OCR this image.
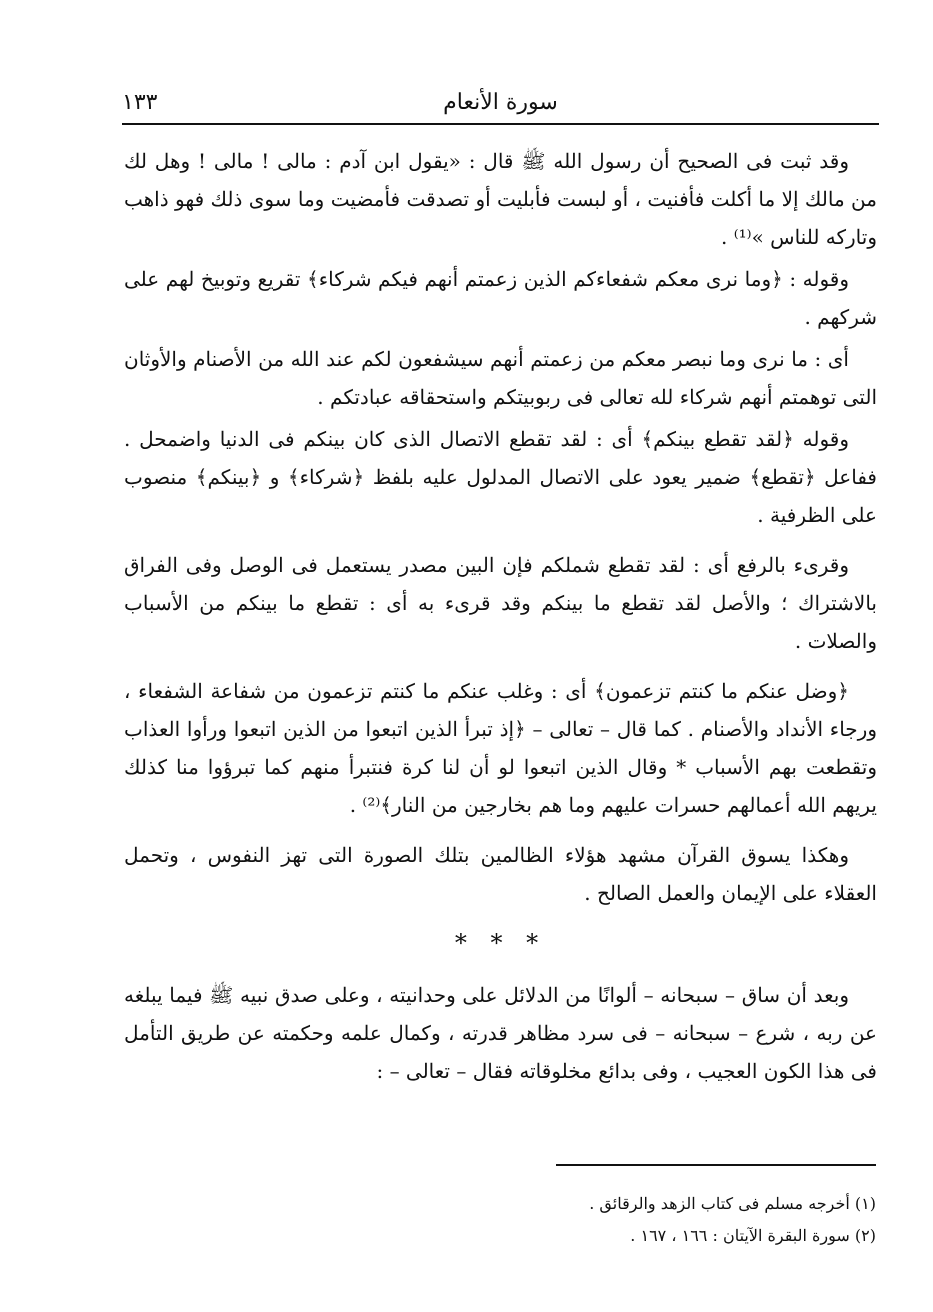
سورة الأنعام
١٣٣

وقد ثبت فى الصحيح أن رسول الله ﷺ قال : «يقول ابن آدم : مالى ! مالى ! وهل لك من مالك إلا ما أكلت فأفنيت ، أو لبست فأبليت أو تصدقت فأمضيت وما سوى ذلك فهو ذاهب وتاركه للناس »⁽¹⁾ .

وقوله : ﴿وما نرى معكم شفعاءكم الذين زعمتم أنهم فيكم شركاء﴾ تقريع وتوبيخ لهم على شركهم .

أى : ما نرى وما نبصر معكم من زعمتم أنهم سيشفعون لكم عند الله من الأصنام والأوثان التى توهمتم أنهم شركاء لله تعالى فى ربوبيتكم واستحقاقه عبادتكم .

وقوله ﴿لقد تقطع بينكم﴾ أى : لقد تقطع الاتصال الذى كان بينكم فى الدنيا واضمحل . ففاعل ﴿تقطع﴾ ضمير يعود على الاتصال المدلول عليه بلفظ ﴿شركاء﴾ و ﴿بينكم﴾ منصوب على الظرفية .

وقرىء بالرفع أى : لقد تقطع شملكم فإن البين مصدر يستعمل فى الوصل وفى الفراق بالاشتراك ؛ والأصل لقد تقطع ما بينكم وقد قرىء به أى : تقطع ما بينكم من الأسباب والصلات .

﴿وضل عنكم ما كنتم تزعمون﴾ أى : وغلب عنكم ما كنتم تزعمون من شفاعة الشفعاء ، ورجاء الأنداد والأصنام . كما قال – تعالى – ﴿إذ تبرأ الذين اتبعوا من الذين اتبعوا ورأوا العذاب وتقطعت بهم الأسباب * وقال الذين اتبعوا لو أن لنا كرة فنتبرأ منهم كما تبرؤوا منا كذلك يريهم الله أعمالهم حسرات عليهم وما هم بخارجين من النار﴾⁽²⁾ .

وهكذا يسوق القرآن مشهد هؤلاء الظالمين بتلك الصورة التى تهز النفوس ، وتحمل العقلاء على الإيمان والعمل الصالح .

* * *

وبعد أن ساق – سبحانه – ألوانًا من الدلائل على وحدانيته ، وعلى صدق نبيه ﷺ فيما يبلغه عن ربه ، شرع – سبحانه – فى سرد مظاهر قدرته ، وكمال علمه وحكمته عن طريق التأمل فى هذا الكون العجيب ، وفى بدائع مخلوقاته فقال – تعالى – :

(١) أخرجه مسلم فى كتاب الزهد والرقائق .

(٢) سورة البقرة الآيتان : ١٦٦ ، ١٦٧ .
